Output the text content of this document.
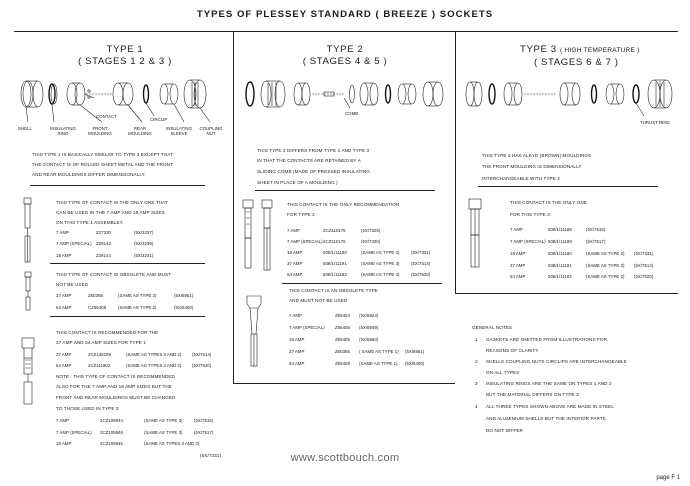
TYPES OF PLESSEY STANDARD ( BREEZE ) SOCKETS
TYPE 1
( STAGES 1 2 & 3 )
SHELL	INSULATING RING
CONTACT
FRONT MOULDING
REAR MOULDING
CIRCLIP
INSULATING SLEEVE
COUPLING NUT
THIS TYPE 1 IS BASICALLY SIMILAR TO TYPE 3 EXCEPT THAT
THE CONTACT IS OF ROLLED SHEET METAL AND THE FRONT
AND REAR MOULDINGS DIFFER DIMENSIONALLY.
THIS TYPE OF CONTACT IS THE ONLY ONE THAT
CAN BE USED IN THE 7 AMP AND 18 AMP SIZES
ON THIS TYPE 1 ASSEMBLEY.
7 AMP	Z27330	(5X/3237)
7 AMP (SPECIAL) Z28143	(5X/3239)
18 AMP	Z28144	(5X/3241)
THIS TYPE OF CONTACT IS OBSOLETE AND MUST
NOT BE USED
37 AMP	Z60366	(SAME AS TYPE 2)	(5X/6951)
64 AMP	CZ56408	(SAME AS TYPE 2)	(5X/6400)
THIS CONTACT IS RECOMMENDED FOR THE
37 AMP AND 64 AMP SIZES FOR TYPE 1
37 AMP	2CZ138199	(SAME AS TYPES 3 AND 2) (5X/7514)
64 AMP	2CZ111902	(SAME AS TYPES 3 AND 2) (5X/7520)
NOTE : THIS TYPE OF CONTACT IS RECOMMENDED
ALSO FOR THE 7 AMP AND 18 AMP SIZES BUT THE
FRONT AND REAR MOULDINGS MUST BE CHANGED
TO THOSE USED IN TYPE 3
7 AMP	2CZ109944	(SAME AS TYPE 3)	(5X/7516)
7 AMP (SPECIAL) 2CZ109946	(SAME AS TYPE 3)	(5X/7517)
18 AMP	2CZ109945	(SAME AS TYPES 3 AND 2)
(5X/7331)
TYPE 2
( STAGES 4 & 5 )
COMB
THIS TYPE 2 DIFFERS FROM TYPE 1 AND TYPE 3
IN THAT THE CONTACTS ARE RETAINED BY A
SLIDING COMB (MADE OF PRESSED INSULATING
SHEET IN PLACE OF A MOULDING )
THIS CONTACT IS THE ONLY RECOMMENDATION
FOR TYPE 2
7 AMP	2CZ110175	(5X/7329)
7 AMP (SPECIAL) 2CZ110176	(5X/7330)
18 AMP	508/1/11190	(SAME AS TYPE 3)	(5X/7331)
37 AMP	508/1/11191	(SAME AS TYPE 3)	(5X/7514)
64 AMP	508/1/11192	(SAME AS TYPE 3)	(5X/7520)
THIS CONTACT IS AN OBSOLETE TYPE
AND MUST NOT BE USED
7 AMP	Z56404 (5X/6924)
7 AMP (SPECIAL) Z56406 (5X/6949)
18 AMP	Z56405 (5X/6950)
37 AMP	Z60366 ( SAME AS TYPE 1) (5X/6951)
64 AMP	Z56408 (SAME AS TYPE 1) (5X/6400)
TYPE 3 ( HIGH TEMPERATURE )
( STAGES 6 & 7 )
THRUST RING
THIS TYPE 3 HAS ALKYD (BROWN) MOULDINGS
THE FRONT MOULDING IS DIMENSIONALLY
INTERCHANGEABLE WITH TYPE 2
THIS CONTACT IS THE ONLY ONE
FOR THIS TYPE 3
7 AMP	508/1/11188	(5X/7516)
7 AMP (SPECIAL) 508/1/11189	(5X/7517)
18 AMP	508/1/11190	(SAME AS TYPE 2) (5X/7331)
37 AMP	508/1/11191	(SAME AS TYPE 2) (5X/7514)
64 AMP	508/1/11192	(SAME AS TYPE 2) (5X/7520)
GENERAL NOTES
1 GASKETS ARE OMITTED FROM ILLUSTRATIONS FOR
REASONS OF CLARITY
2 SHELLS COUPLING NUTS CIRCLIPS ARE INTERCHANGEABLE
ON ALL TYPES
3 INSULATING RINGS ARE THE SAME ON TYPES 1 AND 2
BUT THE MATERIAL DIFFERS ON TYPE 3
4 ALL THREE TYPES SHOWN ABOVE ARE MADE IN STEEL
AND ALUMINIUM SHELLS BUT THE INTERIOR PARTS
DO NOT DIFFER
www.scottbouch.com
page F 1
